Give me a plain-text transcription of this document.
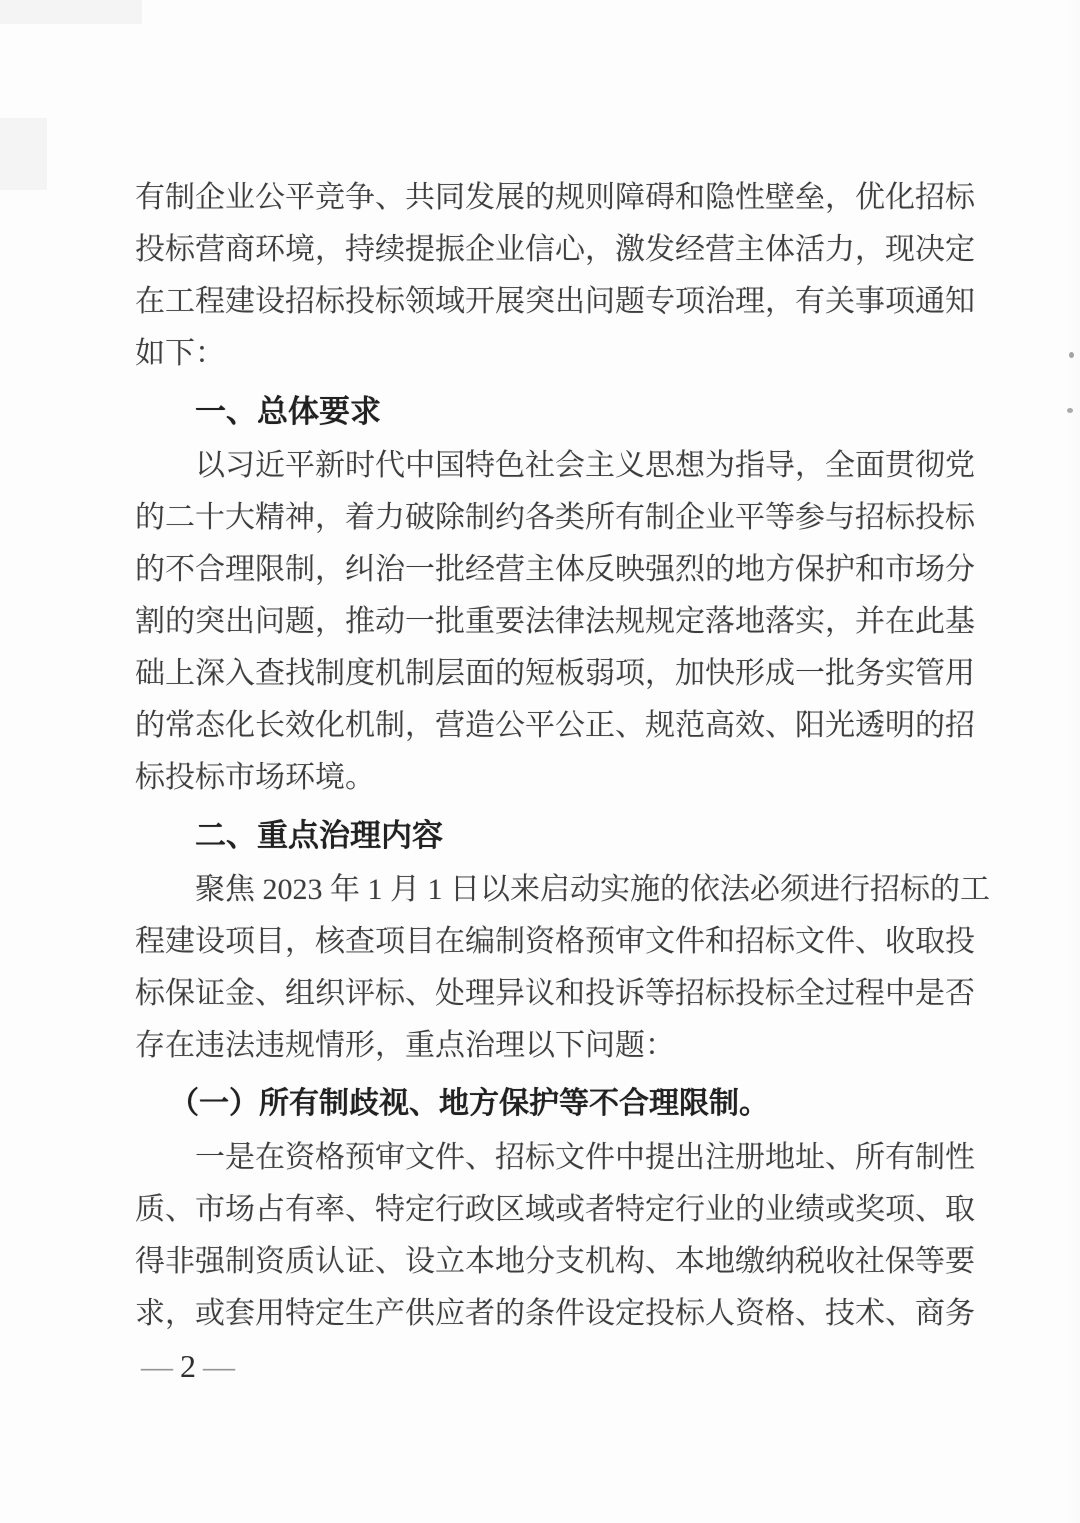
有制企业公平竞争、共同发展的规则障碍和隐性壁垒，优化招标
投标营商环境，持续提振企业信心，激发经营主体活力，现决定
在工程建设招标投标领域开展突出问题专项治理，有关事项通知
如下：
一、总体要求
以习近平新时代中国特色社会主义思想为指导，全面贯彻党
的二十大精神，着力破除制约各类所有制企业平等参与招标投标
的不合理限制，纠治一批经营主体反映强烈的地方保护和市场分
割的突出问题，推动一批重要法律法规规定落地落实，并在此基
础上深入查找制度机制层面的短板弱项，加快形成一批务实管用
的常态化长效化机制，营造公平公正、规范高效、阳光透明的招
标投标市场环境。
二、重点治理内容
聚焦 2023 年 1 月 1 日以来启动实施的依法必须进行招标的工
程建设项目，核查项目在编制资格预审文件和招标文件、收取投
标保证金、组织评标、处理异议和投诉等招标投标全过程中是否
存在违法违规情形，重点治理以下问题：
（一）所有制歧视、地方保护等不合理限制。
一是在资格预审文件、招标文件中提出注册地址、所有制性
质、市场占有率、特定行政区域或者特定行业的业绩或奖项、取
得非强制资质认证、设立本地分支机构、本地缴纳税收社保等要
求，或套用特定生产供应者的条件设定投标人资格、技术、商务
— 2 —
